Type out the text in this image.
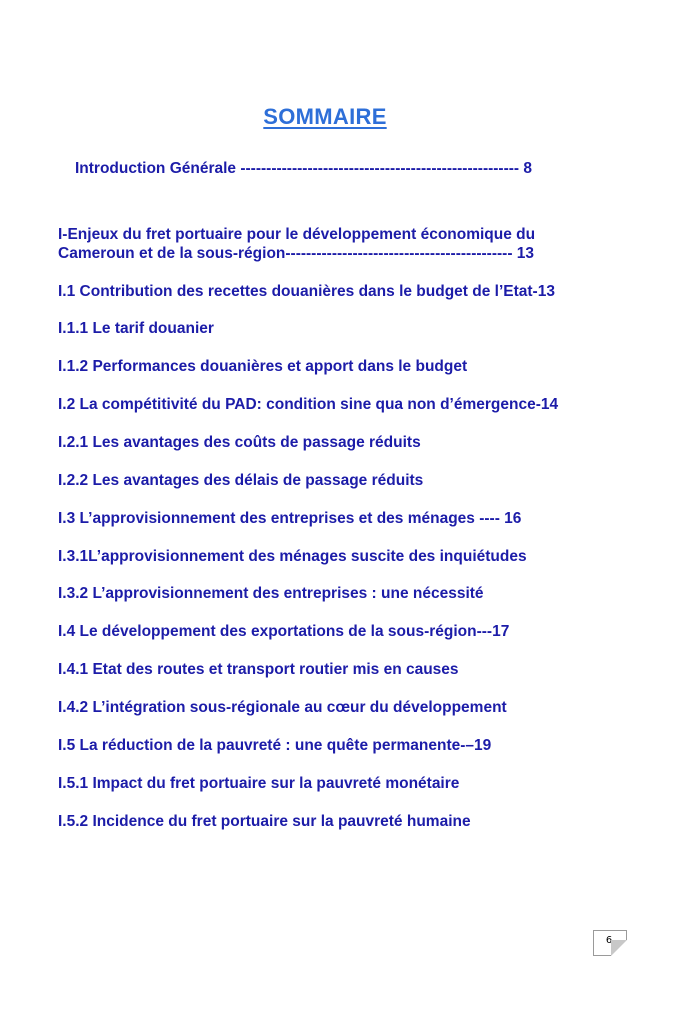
SOMMAIRE
Introduction Générale ------------------------------------------------------ 8
I-Enjeux du fret portuaire pour le développement économique du
Cameroun et de la sous-région-------------------------------------------- 13
I.1 Contribution des recettes douanières dans le budget de l’Etat-13
I.1.1 Le tarif douanier
I.1.2 Performances douanières et apport dans le budget
I.2 La compétitivité du PAD: condition sine qua non d’émergence-14
I.2.1 Les avantages des coûts de passage réduits
I.2.2 Les avantages des délais de passage réduits
I.3 L’approvisionnement des entreprises et des ménages ---- 16
I.3.1L’approvisionnement des ménages suscite des inquiétudes
I.3.2 L’approvisionnement des entreprises : une nécessité
I.4 Le développement des exportations de la sous-région---17
I.4.1 Etat des routes et transport routier mis en causes
I.4.2 L’intégration sous-régionale au cœur du développement
I.5 La réduction de la pauvreté : une quête permanente-–19
I.5.1 Impact du fret portuaire sur la pauvreté monétaire
I.5.2 Incidence du fret portuaire sur la pauvreté humaine
6
